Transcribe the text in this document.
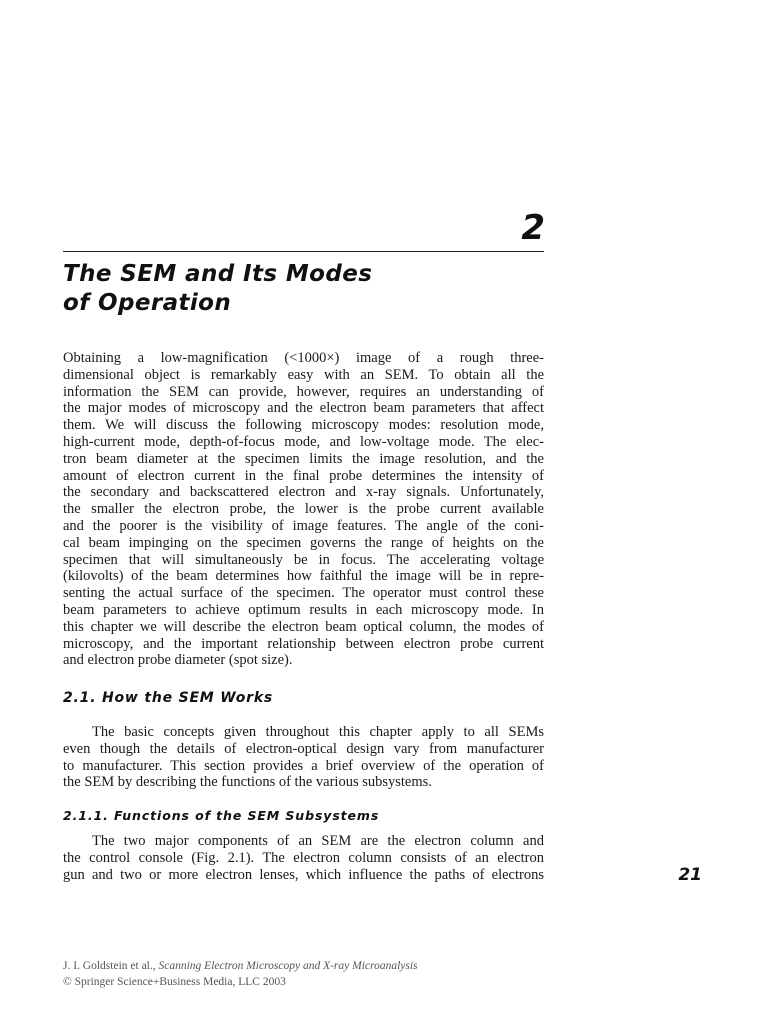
2
The SEM and Its Modes
of Operation
Obtaining a low-magnification (<1000×) image of a rough three-
dimensional object is remarkably easy with an SEM. To obtain all the
information the SEM can provide, however, requires an understanding of
the major modes of microscopy and the electron beam parameters that affect
them. We will discuss the following microscopy modes: resolution mode,
high-current mode, depth-of-focus mode, and low-voltage mode. The elec-
tron beam diameter at the specimen limits the image resolution, and the
amount of electron current in the final probe determines the intensity of
the secondary and backscattered electron and x-ray signals. Unfortunately,
the smaller the electron probe, the lower is the probe current available
and the poorer is the visibility of image features. The angle of the coni-
cal beam impinging on the specimen governs the range of heights on the
specimen that will simultaneously be in focus. The accelerating voltage
(kilovolts) of the beam determines how faithful the image will be in repre-
senting the actual surface of the specimen. The operator must control these
beam parameters to achieve optimum results in each microscopy mode. In
this chapter we will describe the electron beam optical column, the modes of
microscopy, and the important relationship between electron probe current
and electron probe diameter (spot size).
2.1. How the SEM Works
The basic concepts given throughout this chapter apply to all SEMs
even though the details of electron-optical design vary from manufacturer
to manufacturer. This section provides a brief overview of the operation of
the SEM by describing the functions of the various subsystems.
2.1.1. Functions of the SEM Subsystems
The two major components of an SEM are the electron column and
the control console (Fig. 2.1). The electron column consists of an electron
gun and two or more electron lenses, which influence the paths of electrons	21
J. I. Goldstein et al., Scanning Electron Microscopy and X-ray Microanalysis
© Springer Science+Business Media, LLC 2003
